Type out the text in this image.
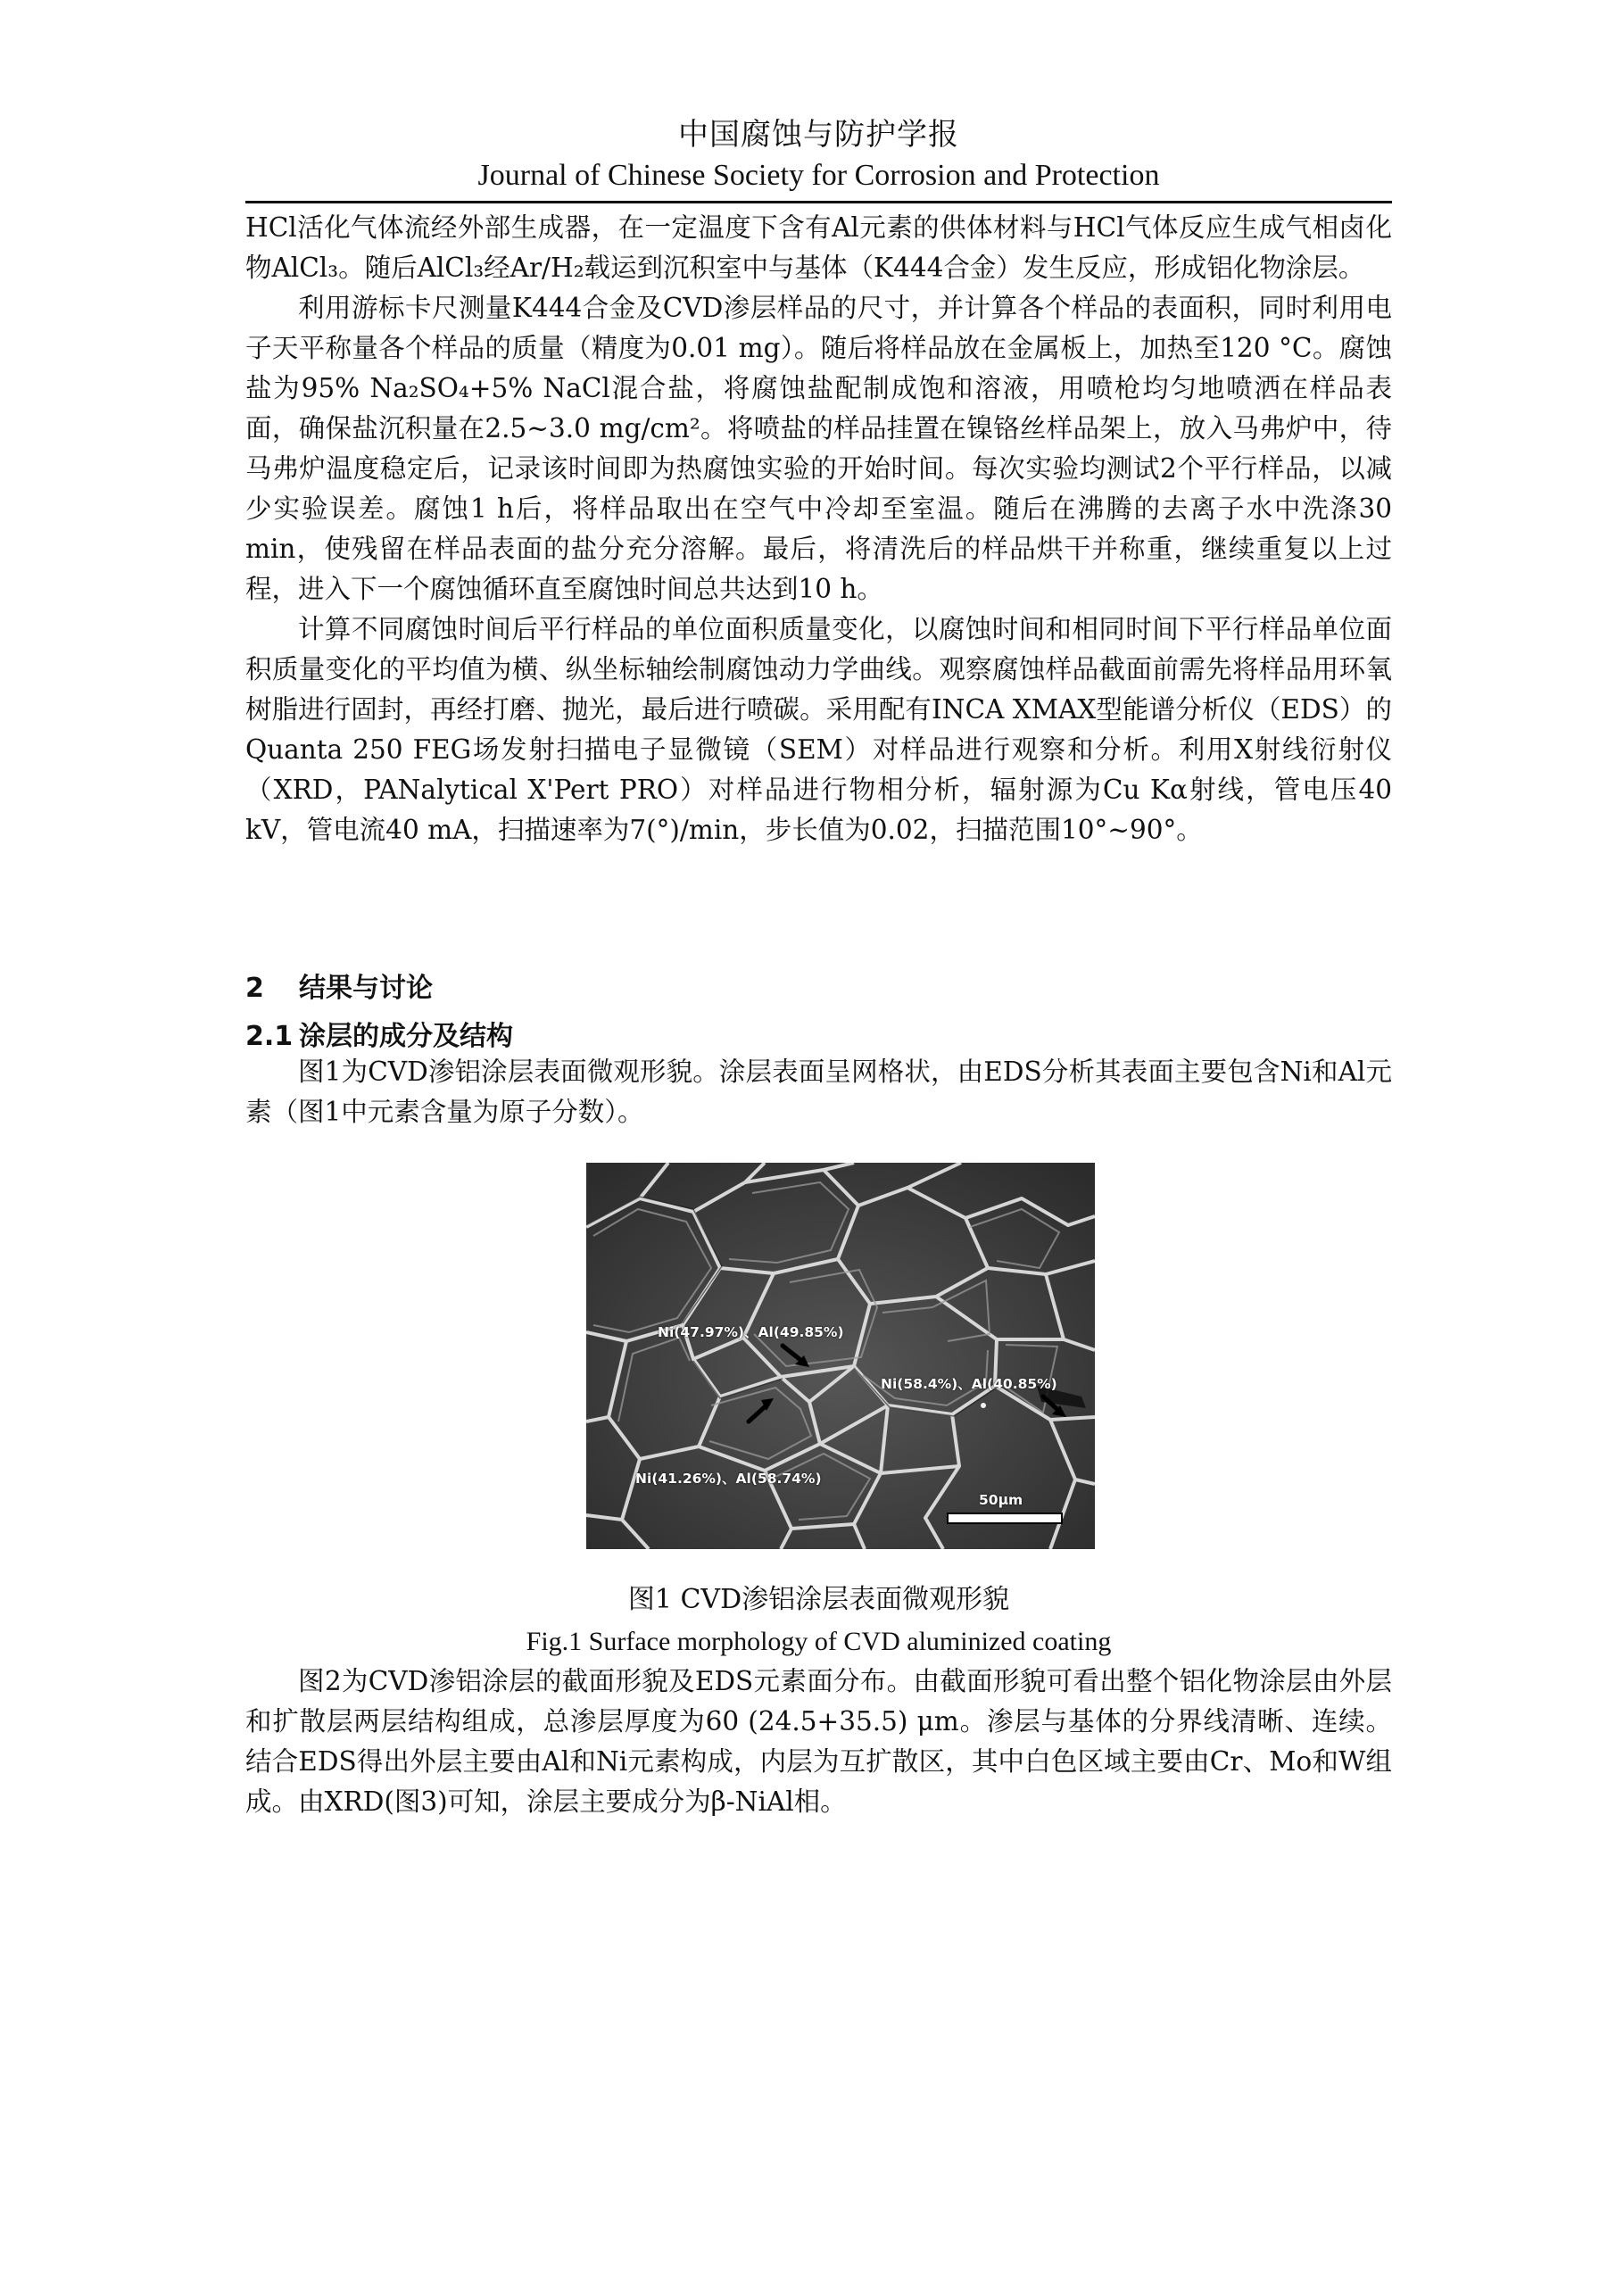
中国腐蚀与防护学报
Journal of Chinese Society for Corrosion and Protection

HCl活化气体流经外部生成器，在一定温度下含有Al元素的供体材料与HCl气体反应生成气相卤化物AlCl₃。随后AlCl₃经Ar/H₂载运到沉积室中与基体（K444合金）发生反应，形成铝化物涂层。

利用游标卡尺测量K444合金及CVD渗层样品的尺寸，并计算各个样品的表面积，同时利用电子天平称量各个样品的质量（精度为0.01 mg）。随后将样品放在金属板上，加热至120 °C。腐蚀盐为95% Na₂SO₄+5% NaCl混合盐，将腐蚀盐配制成饱和溶液，用喷枪均匀地喷洒在样品表面，确保盐沉积量在2.5~3.0 mg/cm²。将喷盐的样品挂置在镍铬丝样品架上，放入马弗炉中，待马弗炉温度稳定后，记录该时间即为热腐蚀实验的开始时间。每次实验均测试2个平行样品，以减少实验误差。腐蚀1 h后，将样品取出在空气中冷却至室温。随后在沸腾的去离子水中洗涤30 min，使残留在样品表面的盐分充分溶解。最后，将清洗后的样品烘干并称重，继续重复以上过程，进入下一个腐蚀循环直至腐蚀时间总共达到10 h。

计算不同腐蚀时间后平行样品的单位面积质量变化，以腐蚀时间和相同时间下平行样品单位面积质量变化的平均值为横、纵坐标轴绘制腐蚀动力学曲线。观察腐蚀样品截面前需先将样品用环氧树脂进行固封，再经打磨、抛光，最后进行喷碳。采用配有INCA XMAX型能谱分析仪（EDS）的Quanta 250 FEG场发射扫描电子显微镜（SEM）对样品进行观察和分析。利用X射线衍射仪（XRD，PANalytical X'Pert PRO）对样品进行物相分析，辐射源为Cu Kα射线，管电压40 kV，管电流40 mA，扫描速率为7(°)/min，步长值为0.02，扫描范围10°~90°。

2 结果与讨论
2.1 涂层的成分及结构

图1为CVD渗铝涂层表面微观形貌。涂层表面呈网格状，由EDS分析其表面主要包含Ni和Al元素（图1中元素含量为原子分数）。

Ni(47.97%)、Al(49.85%)
Ni(58.4%)、Al(40.85%)
Ni(41.26%)、Al(58.74%)
50μm
图1 CVD渗铝涂层表面微观形貌
Fig.1 Surface morphology of CVD aluminized coating

图2为CVD渗铝涂层的截面形貌及EDS元素面分布。由截面形貌可看出整个铝化物涂层由外层和扩散层两层结构组成，总渗层厚度为60 (24.5+35.5) μm。渗层与基体的分界线清晰、连续。结合EDS得出外层主要由Al和Ni元素构成，内层为互扩散区，其中白色区域主要由Cr、Mo和W组成。由XRD(图3)可知，涂层主要成分为β-NiAl相。
